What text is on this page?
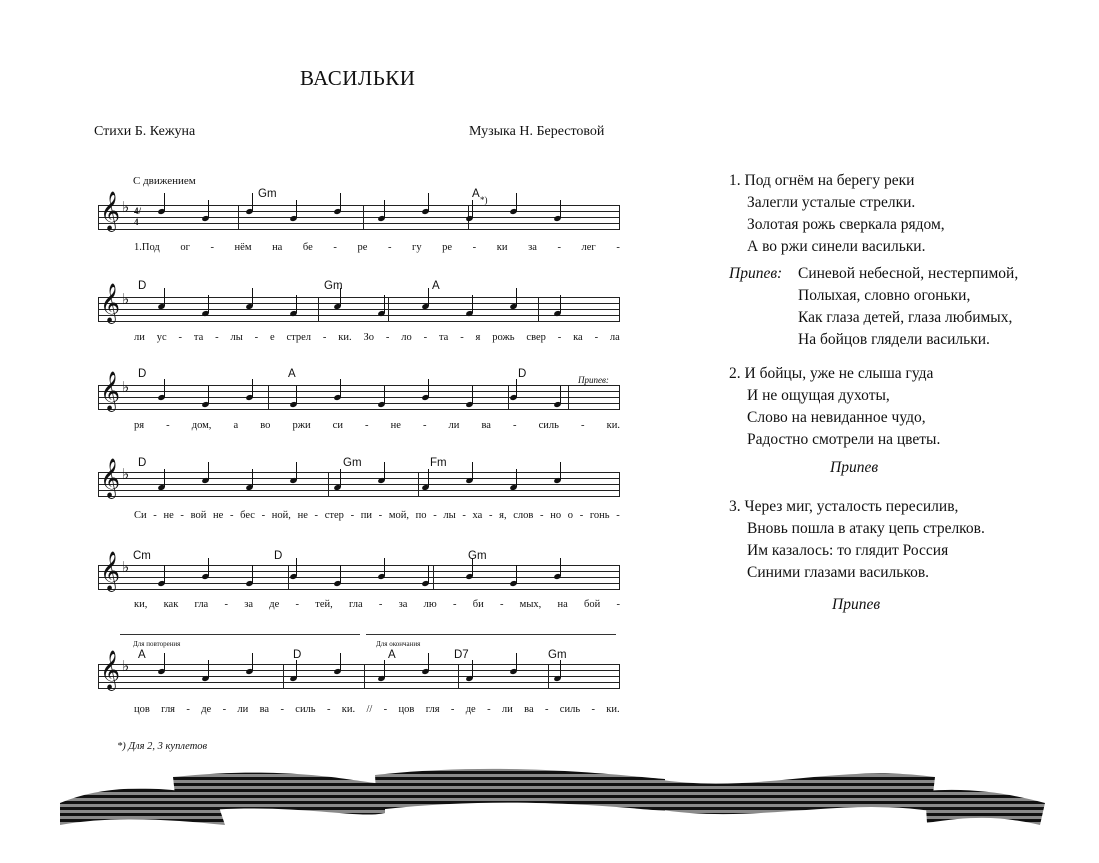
ВАСИЛЬКИ
Стихи Б. Кежуна	Музыка Н. Берестовой
С движением
𝄞 ♭ 4/4
Gm	A
1.Под ог - нём на бе - ре - гу ре - ки за - лег -
𝄞 ♭
D	Gm	A
ли ус - та - лы - е стрел - ки. Зо - ло - та - я рожь свер - ка - ла
𝄞 ♭
D	A	D
ря - дом, а во ржи си - не - ли ва - силь - ки.
𝄞 ♭
D	Gm	Fm
Си - не - вой не - бес - ной, не - стер - пи - мой, по - лы - ха - я, слов - но о - гонь -
𝄞 ♭
Cm	D	Gm
ки, как гла - за де - тей, гла - за лю - би - мых, на бой -
𝄞 ♭
A	D	A	D7	Gm
цов гля - де - ли ва - силь - ки. // - цов гля - де - ли ва - силь - ки.
*)
Припев:
Для повторения	Для окончания
*) Для 2, 3 куплетов
1. Под огнём на берегу реки
Залегли усталые стрелки.
Золотая рожь сверкала рядом,
А во ржи синели васильки.
Припев: Синевой небесной, нестерпимой,
Полыхая, словно огоньки,
Как глаза детей, глаза любимых,
На бойцов глядели васильки.
2. И бойцы, уже не слыша гуда
И не ощущая духоты,
Слово на невиданное чудо,
Радостно смотрели на цветы.
Припев
3. Через миг, усталость пересилив,
Вновь пошла в атаку цепь стрелков.
Им казалось: то глядит Россия
Синими глазами васильков.
Припев
